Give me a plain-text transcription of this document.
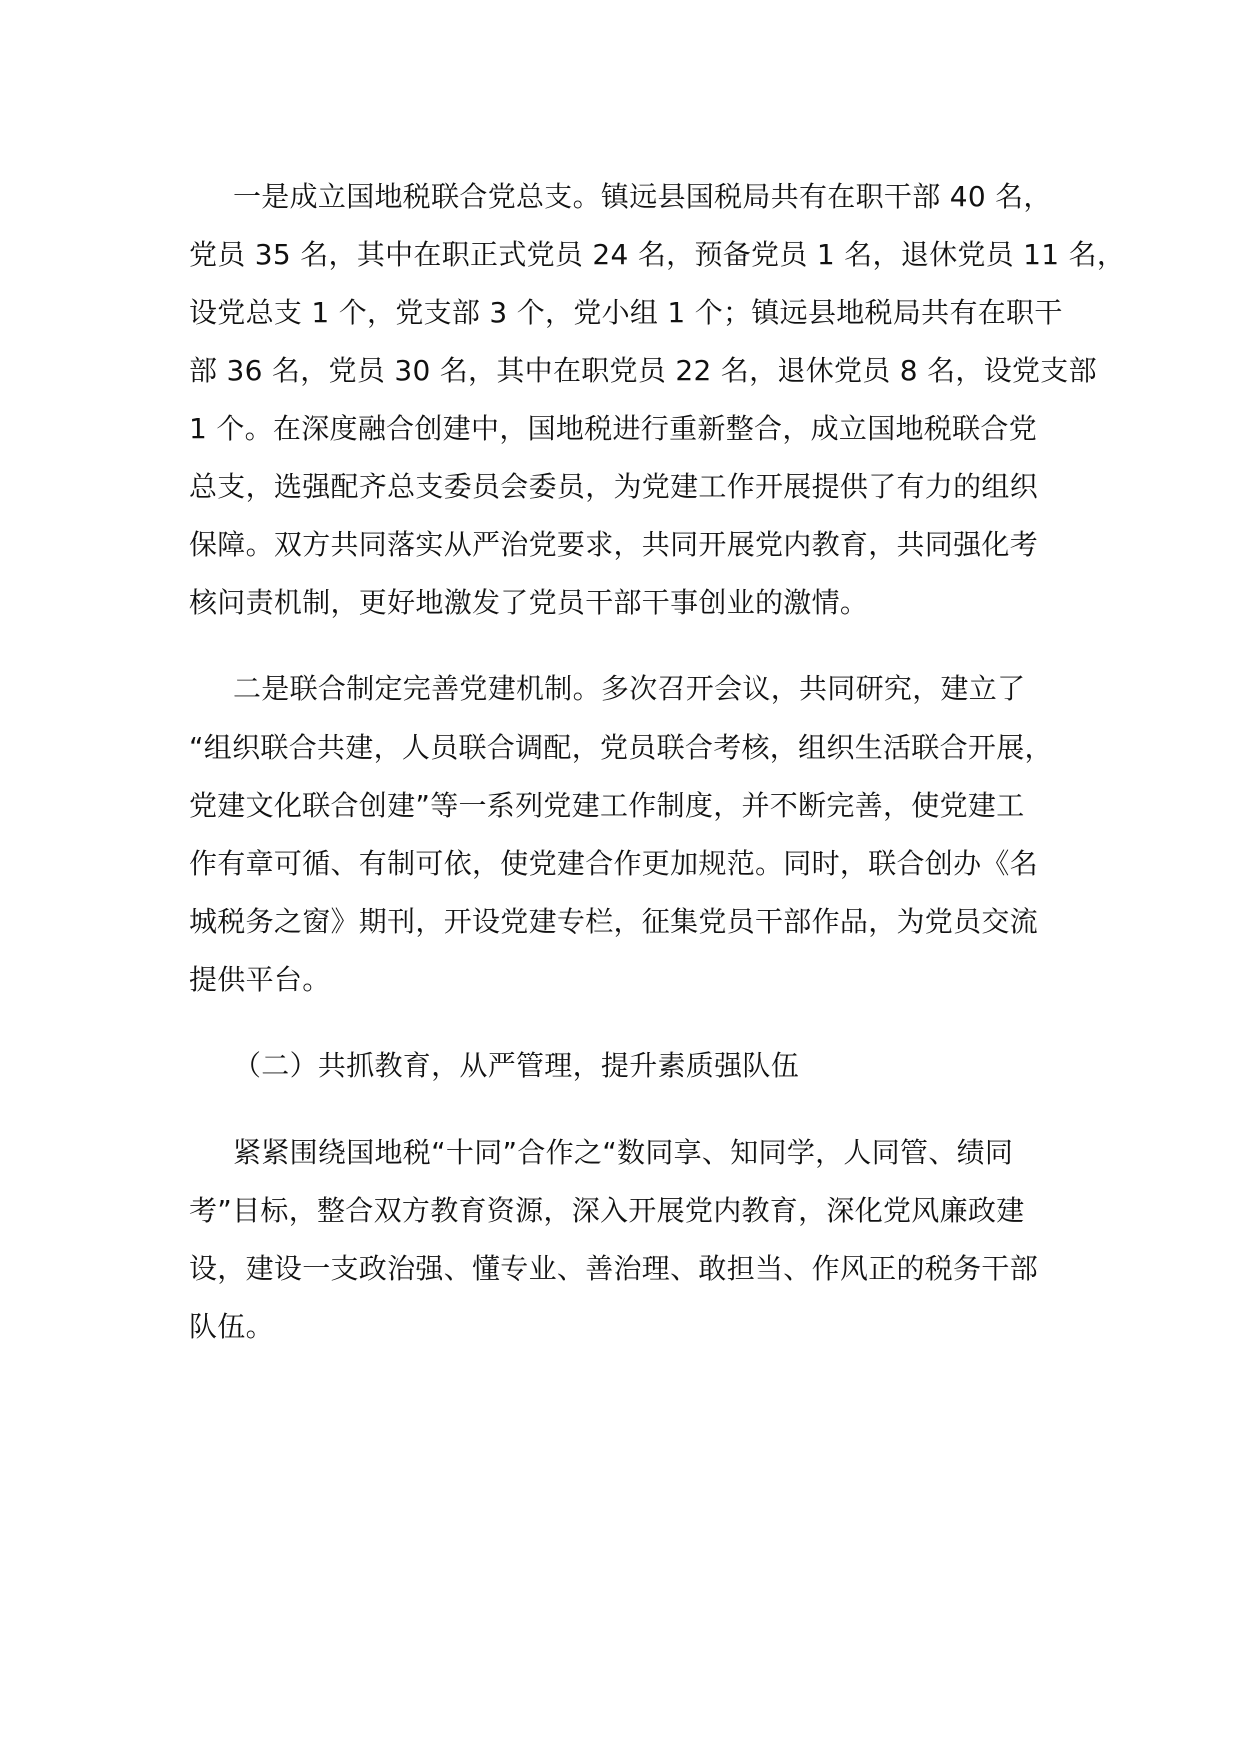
一是成立国地税联合党总支。镇远县国税局共有在职干部 40 名，
党员 35 名，其中在职正式党员 24 名，预备党员 1 名，退休党员 11 名，
设党总支 1 个，党支部 3 个，党小组 1 个；镇远县地税局共有在职干
部 36 名，党员 30 名，其中在职党员 22 名，退休党员 8 名，设党支部
1 个。在深度融合创建中，国地税进行重新整合，成立国地税联合党
总支，选强配齐总支委员会委员，为党建工作开展提供了有力的组织
保障。双方共同落实从严治党要求，共同开展党内教育，共同强化考
核问责机制，更好地激发了党员干部干事创业的激情。
二是联合制定完善党建机制。多次召开会议，共同研究，建立了
“组织联合共建，人员联合调配，党员联合考核，组织生活联合开展，
党建文化联合创建”等一系列党建工作制度，并不断完善，使党建工
作有章可循、有制可依，使党建合作更加规范。同时，联合创办《名
城税务之窗》期刊，开设党建专栏，征集党员干部作品，为党员交流
提供平台。
（二）共抓教育，从严管理，提升素质强队伍
紧紧围绕国地税“十同”合作之“数同享、知同学，人同管、绩同
考”目标，整合双方教育资源，深入开展党内教育，深化党风廉政建
设，建设一支政治强、懂专业、善治理、敢担当、作风正的税务干部
队伍。
